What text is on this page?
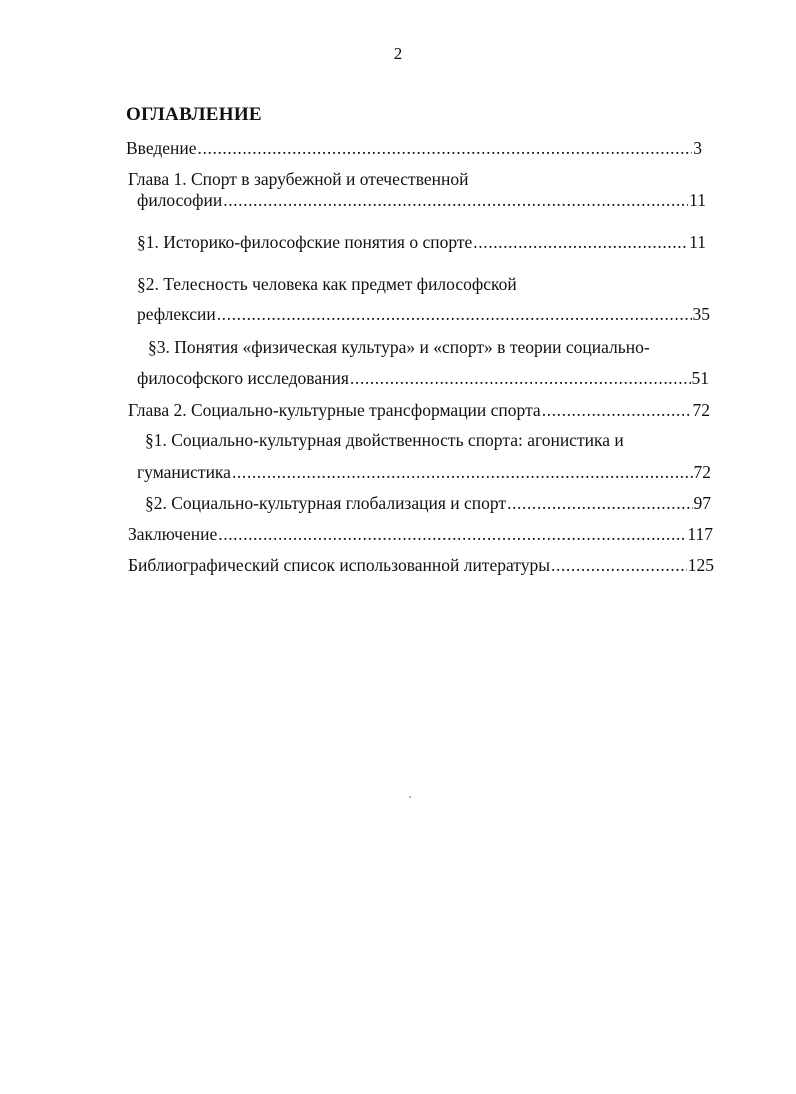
2
ОГЛАВЛЕНИЕ
Введение .....	3
Глава 1. Спорт в зарубежной и отечественной
философии .....	11
§1. Историко-философские понятия о спорте .....	11
§2. Телесность человека как предмет философской
рефлексии .....	35
§3. Понятия «физическая культура» и «спорт» в теории социально-
философского исследования .....	51
Глава 2. Социально-культурные трансформации спорта .....	72
§1. Социально-культурная двойственность спорта: агонистика и
гуманистика .....	72
§2. Социально-культурная глобализация и спорт .....	97
Заключение .....	117
Библиографический список использованной литературы .....	125
